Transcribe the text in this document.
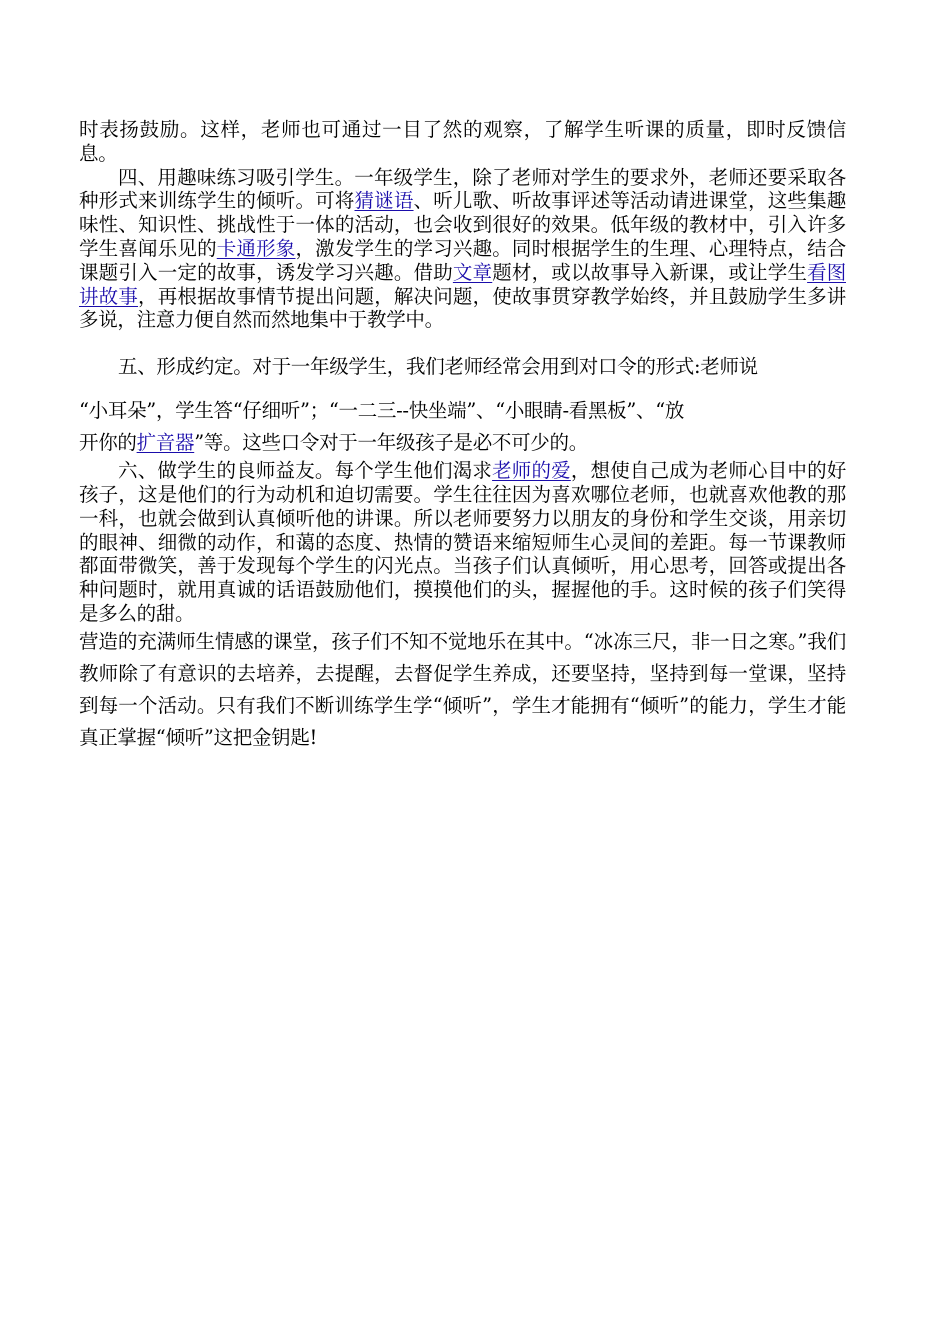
时表扬鼓励。这样，老师也可通过一目了然的观察，了解学生听课的质量，即时反馈信息。

四、用趣味练习吸引学生。一年级学生，除了老师对学生的要求外，老师还要采取各种形式来训练学生的倾听。可将猜谜语、听儿歌、听故事评述等活动请进课堂，这些集趣味性、知识性、挑战性于一体的活动，也会收到很好的效果。低年级的教材中，引入许多学生喜闻乐见的卡通形象，激发学生的学习兴趣。同时根据学生的生理、心理特点，结合课题引入一定的故事，诱发学习兴趣。借助文章题材，或以故事导入新课，或让学生看图讲故事，再根据故事情节提出问题，解决问题，使故事贯穿教学始终，并且鼓励学生多讲多说，注意力便自然而然地集中于教学中。

五、形成约定。对于一年级学生，我们老师经常会用到对口令的形式:老师说
“小耳朵”，学生答“仔细听”；“一二三--快坐端”、“小眼睛-看黑板”、“放
开你的扩音器”等。这些口令对于一年级孩子是必不可少的。

六、做学生的良师益友。每个学生他们渴求老师的爱，想使自己成为老师心目中的好孩子，这是他们的行为动机和迫切需要。学生往往因为喜欢哪位老师，也就喜欢他教的那一科，也就会做到认真倾听他的讲课。所以老师要努力以朋友的身份和学生交谈，用亲切的眼神、细微的动作，和蔼的态度、热情的赞语来缩短师生心灵间的差距。每一节课教师都面带微笑，善于发现每个学生的闪光点。当孩子们认真倾听，用心思考，回答或提出各种问题时，就用真诚的话语鼓励他们，摸摸他们的头，握握他的手。这时候的孩子们笑得是多么的甜。

营造的充满师生情感的课堂，孩子们不知不觉地乐在其中。“冰冻三尺，非一日之寒。”我们教师除了有意识的去培养，去提醒，去督促学生养成，还要坚持，坚持到每一堂课，坚持到每一个活动。只有我们不断训练学生学“倾听”，学生才能拥有“倾听”的能力，学生才能真正掌握“倾听”这把金钥匙!
